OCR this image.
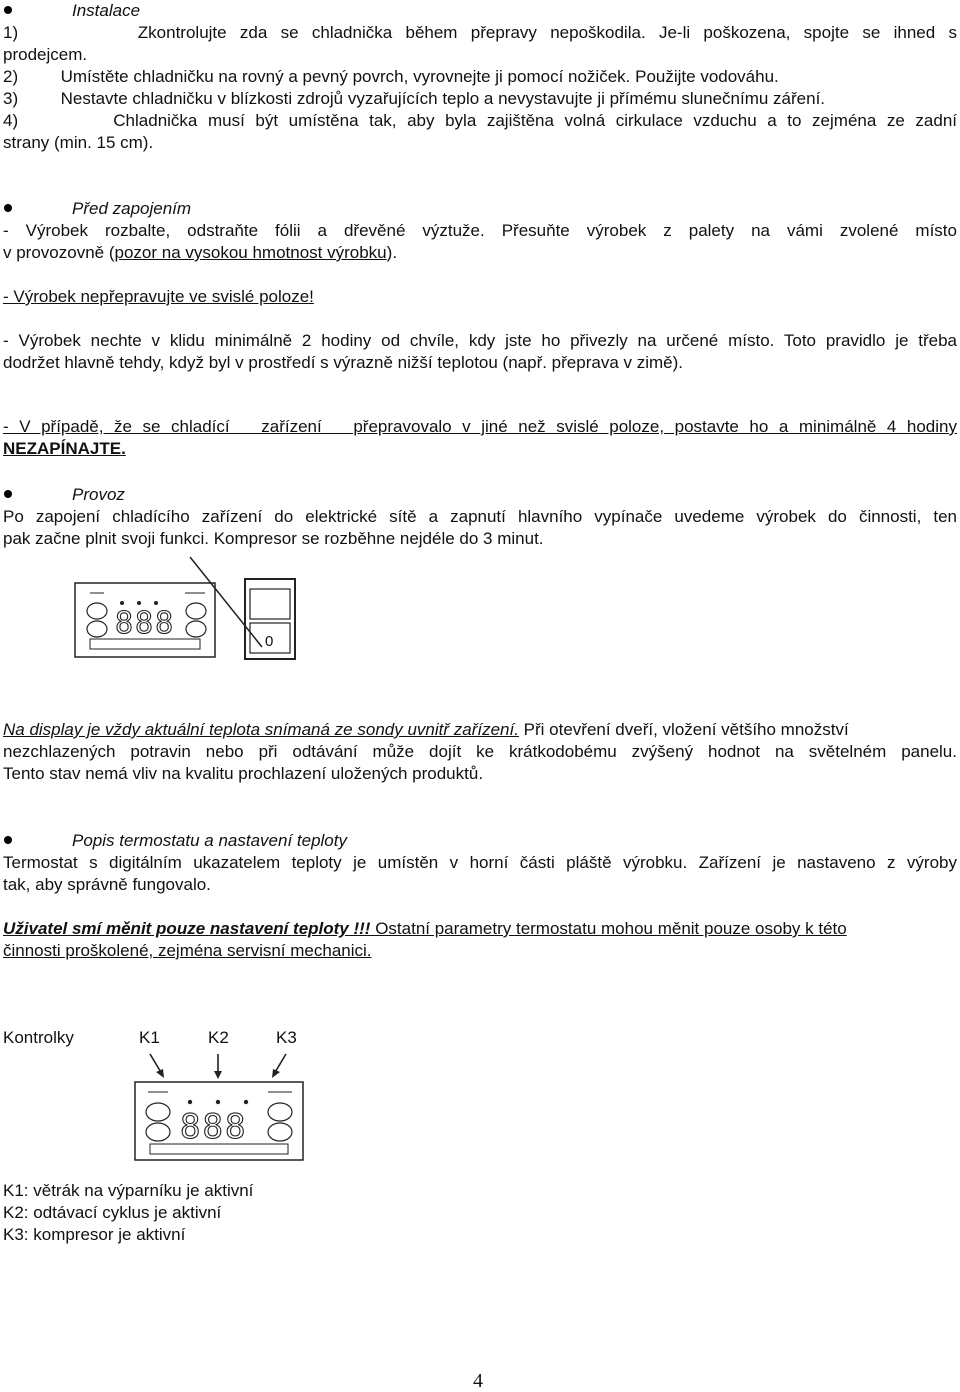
Instalace
1)         Zkontrolujte zda se chladnička během přepravy nepoškodila. Je-li poškozena, spojte se ihned s
prodejcem.
2)         Umístěte chladničku na rovný a pevný povrch, vyrovnejte ji pomocí nožiček. Použijte vodováhu.
3)         Nestavte chladničku v blízkosti zdrojů vyzařujících teplo a nevystavujte ji přímému slunečnímu záření.
4)         Chladnička musí být umístěna tak, aby byla zajištěna volná cirkulace vzduchu a to zejména ze zadní
strany (min. 15 cm).
Před zapojením
- Výrobek rozbalte, odstraňte fólii a dřevěné výztuže. Přesuňte výrobek z palety na vámi zvolené místo
v provozovně (pozor na vysokou hmotnost výrobku).
- Výrobek nepřepravujte ve svislé poloze!
- Výrobek nechte v klidu minimálně 2 hodiny od chvíle, kdy jste ho přivezly na určené místo. Toto pravidlo je třeba
dodržet hlavně tehdy, když byl v prostředí s výrazně nižší teplotou (např. přeprava v zimě).
- V případě, že se chladící   zařízení   přepravovalo v jiné než svislé poloze, postavte ho a minimálně 4 hodiny
NEZAPÍNAJTE.
Provoz
Po zapojení chladícího zařízení do elektrické sítě a zapnutí hlavního vypínače uvedeme výrobek do činnosti, ten
pak začne plnit svoji funkci. Kompresor se rozběhne nejdéle do 3 minut.
888
0
Na display je vždy aktuální teplota snímaná ze sondy uvnitř zařízení. Při otevření dveří, vložení většího množství
nezchlazených potravin nebo při odtávání může dojít ke krátkodobému zvýšený hodnot na světelném panelu.
Tento stav nemá vliv na kvalitu prochlazení uložených produktů.
Popis termostatu a nastavení teploty
Termostat s digitálním ukazatelem teploty je umístěn v horní části pláště výrobku. Zařízení je nastaveno z výroby
tak, aby správně fungovalo.
Uživatel smí měnit pouze nastavení teploty !!! Ostatní parametry termostatu mohou měnit pouze osoby k této
činnosti proškolené, zejména servisní mechanici.
Kontrolky	K1	K2	K3
888
K1: větrák na výparníku je aktivní
K2: odtávací cyklus je aktivní
K3: kompresor je aktivní
4
